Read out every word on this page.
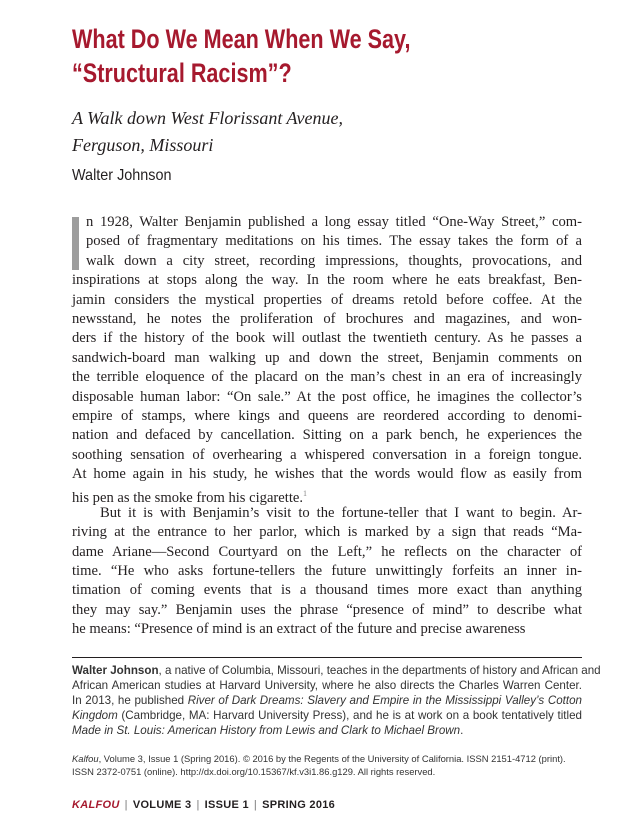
What Do We Mean When We Say,
“Structural Racism”?
A Walk down West Florissant Avenue,
Ferguson, Missouri
Walter Johnson
n 1928, Walter Benjamin published a long essay titled “One-Way Street,” com-
posed of fragmentary meditations on his times. The essay takes the form of a
walk down a city street, recording impressions, thoughts, provocations, and
inspirations at stops along the way. In the room where he eats breakfast, Ben-
jamin considers the mystical properties of dreams retold before coffee. At the
newsstand, he notes the proliferation of brochures and magazines, and won-
ders if the history of the book will outlast the twentieth century. As he passes a
sandwich-board man walking up and down the street, Benjamin comments on
the terrible eloquence of the placard on the man’s chest in an era of increasingly
disposable human labor: “On sale.” At the post office, he imagines the collector’s
empire of stamps, where kings and queens are reordered according to denomi-
nation and defaced by cancellation. Sitting on a park bench, he experiences the
soothing sensation of overhearing a whispered conversation in a foreign tongue.
At home again in his study, he wishes that the words would flow as easily from
his pen as the smoke from his cigarette.$^1$
But it is with Benjamin’s visit to the fortune-teller that I want to begin. Ar-
riving at the entrance to her parlor, which is marked by a sign that reads “Ma-
dame Ariane—Second Courtyard on the Left,” he reflects on the character of
time. “He who asks fortune-tellers the future unwittingly forfeits an inner in-
timation of coming events that is a thousand times more exact than anything
they may say.” Benjamin uses the phrase “presence of mind” to describe what
he means: “Presence of mind is an extract of the future and precise awareness
Walter Johnson, a native of Columbia, Missouri, teaches in the departments of history and African and
African American studies at Harvard University, where he also directs the Charles Warren Center.
In 2013, he published River of Dark Dreams: Slavery and Empire in the Mississippi Valley’s Cotton
Kingdom (Cambridge, MA: Harvard University Press), and he is at work on a book tentatively titled
Made in St. Louis: American History from Lewis and Clark to Michael Brown.
Kalfou, Volume 3, Issue 1 (Spring 2016). © 2016 by the Regents of the University of California. ISSN 2151-4712 (print).
ISSN 2372-0751 (online). http://dx.doi.org/10.15367/kf.v3i1.86.g129. All rights reserved.
KALFOU | VOLUME 3 | ISSUE 1 | SPRING 2016
